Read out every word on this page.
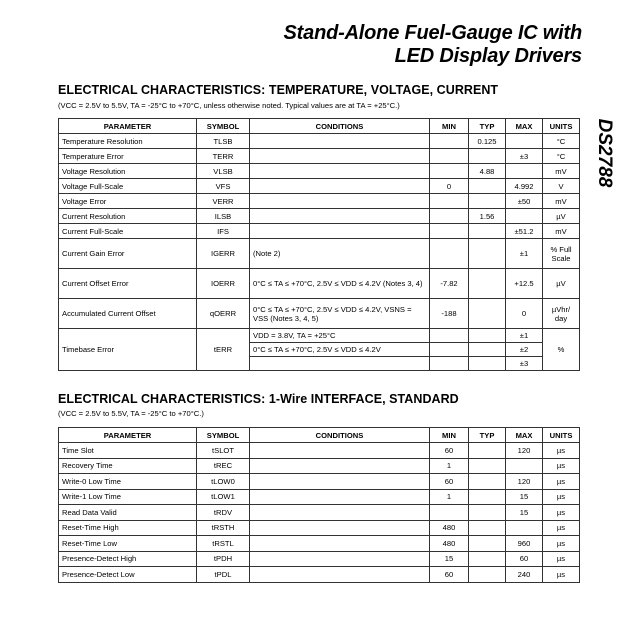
Stand-Alone Fuel-Gauge IC with
LED Display Drivers
DS2788
ELECTRICAL CHARACTERISTICS: TEMPERATURE, VOLTAGE, CURRENT
(VCC = 2.5V to 5.5V, TA = -25°C to +70°C, unless otherwise noted. Typical values are at TA = +25°C.)
PARAMETER	SYMBOL	CONDITIONS	MIN	TYP	MAX	UNITS
Temperature Resolution	TLSB			0.125		°C
Temperature Error	TERR				±3	°C
Voltage Resolution	VLSB			4.88		mV
Voltage Full-Scale	VFS		0		4.992	V
Voltage Error	VERR				±50	mV
Current Resolution	ILSB			1.56		µV
Current Full-Scale	IFS				±51.2	mV
Current Gain Error	IGERR	(Note 2)			±1	% Full Scale
Current Offset Error	IOERR	0°C ≤ TA ≤ +70°C, 2.5V ≤ VDD ≤ 4.2V (Notes 3, 4)	-7.82		+12.5	µV
Accumulated Current Offset	qOERR	0°C ≤ TA ≤ +70°C, 2.5V ≤ VDD ≤ 4.2V, VSNS = VSS (Notes 3, 4, 5)	-188		0	µVhr/ day
Timebase Error	tERR	VDD = 3.8V, TA = +25°C			±1	%
		0°C ≤ TA ≤ +70°C, 2.5V ≤ VDD ≤ 4.2V			±2	
					±3	
ELECTRICAL CHARACTERISTICS: 1-Wire INTERFACE, STANDARD
(VCC = 2.5V to 5.5V, TA = -25°C to +70°C.)
PARAMETER	SYMBOL	CONDITIONS	MIN	TYP	MAX	UNITS
Time Slot	tSLOT		60		120	µs
Recovery Time	tREC		1			µs
Write-0 Low Time	tLOW0		60		120	µs
Write-1 Low Time	tLOW1		1		15	µs
Read Data Valid	tRDV				15	µs
Reset-Time High	tRSTH		480			µs
Reset-Time Low	tRSTL		480		960	µs
Presence-Detect High	tPDH		15		60	µs
Presence-Detect Low	tPDL		60		240	µs
